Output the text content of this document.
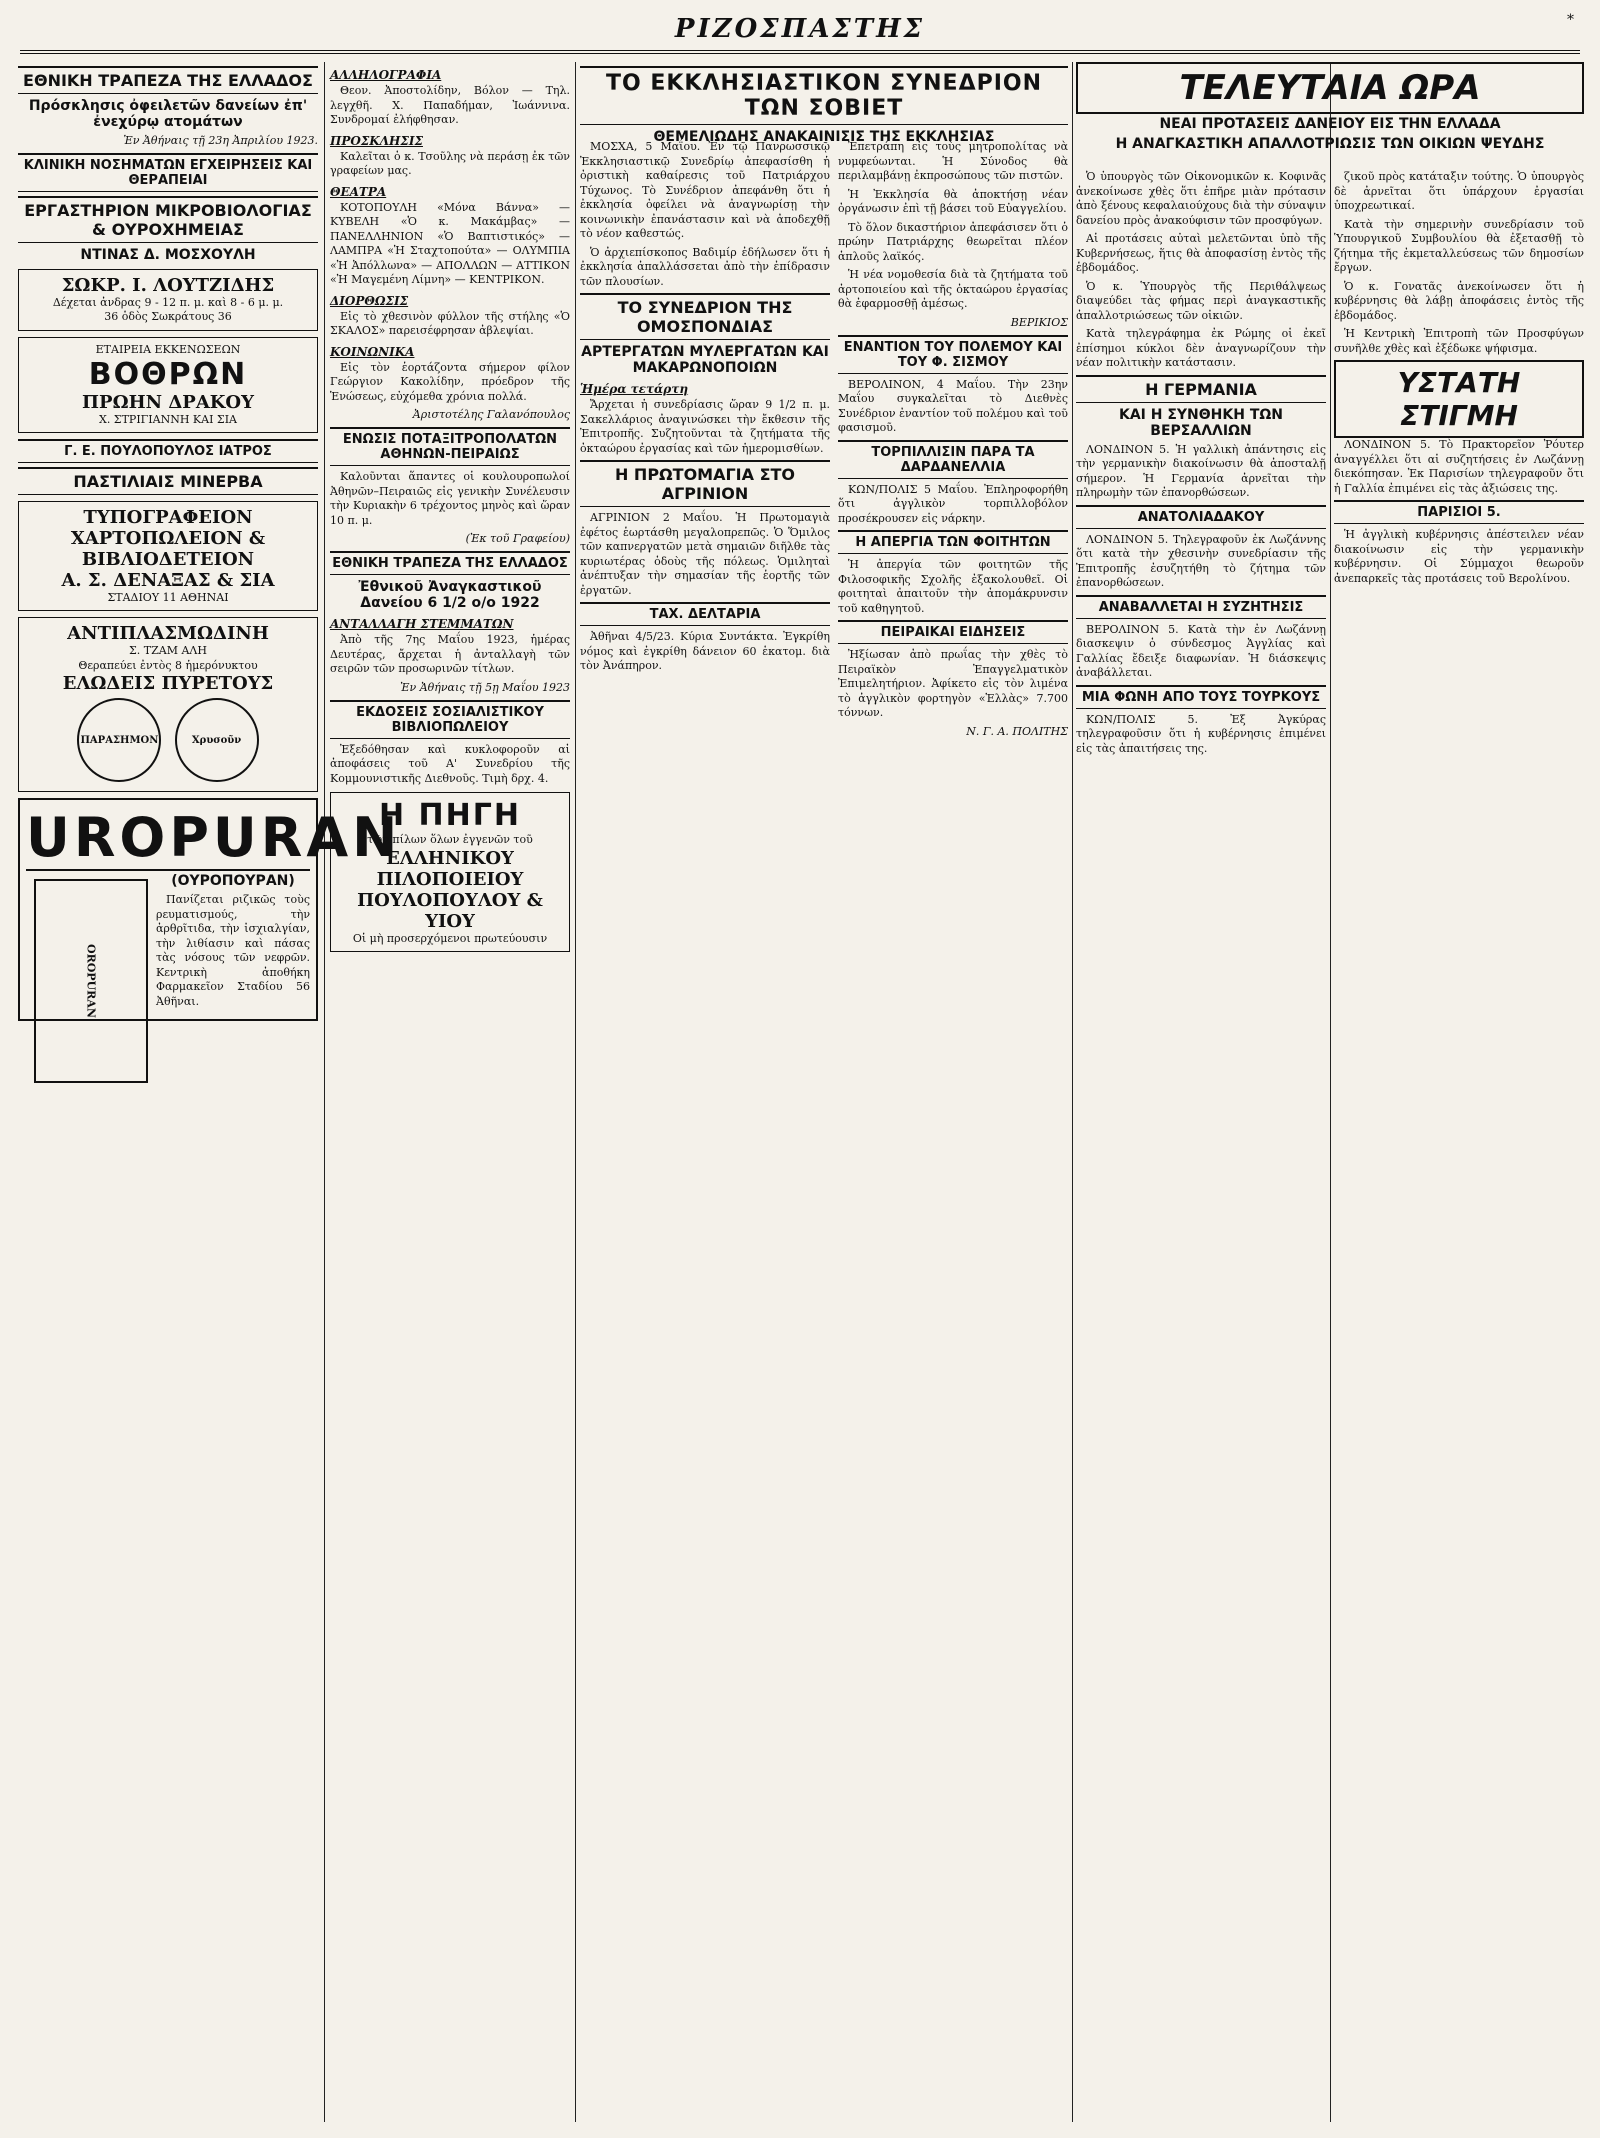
ΡΙΖΟΣΠΑΣΤΗΣ	*
ΕΘΝΙΚΗ ΤΡΑΠΕΖΑ ΤΗΣ ΕΛΛΑΔΟΣ
Πρόσκλησις ὀφειλετῶν δανείων ἐπ' ἐνεχύρῳ ατομάτων
Ἐν Ἀθήναις τῇ 23η Ἀπριλίου 1923.
ΚΛΙΝΙΚΗ ΝΟΣΗΜΑΤΩΝ ΕΓΧΕΙΡΗΣΕΙΣ ΚΑΙ ΘΕΡΑΠΕΙΑΙ
ΕΡΓΑΣΤΗΡΙΟΝ ΜΙΚΡΟΒΙΟΛΟΓΙΑΣ & ΟΥΡΟΧΗΜΕΙΑΣ
ΝΤΙΝΑΣ Δ. ΜΟΣΧΟΥΛΗ
ΣΩΚΡ. Ι. ΛΟΥΤΖΙΔΗΣ
Δέχεται ἀνδρας 9 - 12 π. μ. καὶ 8 - 6 μ. μ.
36 ὁδὸς Σωκράτους 36
ΕΤΑΙΡΕΙΑ ΕΚΚΕΝΩΣΕΩΝ
ΒΟΘΡΩΝ
ΠΡΩΗΝ ΔΡΑΚΟΥ
Χ. ΣΤΡΙΓΙΑΝΝΗ ΚΑΙ ΣΙΑ
Γ. Ε. ΠΟΥΛΟΠΟΥΛΟΣ ΙΑΤΡΟΣ
ΠΑΣΤΙΛΙΑΙΣ ΜΙΝΕΡΒΑ
ΤΥΠΟΓΡΑΦΕΙΟΝ ΧΑΡΤΟΠΩΛΕΙΟΝ & ΒΙΒΛΙΟΔΕΤΕΙΟΝ
Α. Σ. ΔΕΝΑΞΑΣ & ΣΙΑ
ΣΤΑΔΙΟΥ 11 ΑΘΗΝΑΙ
ΑΝΤΙΠΛΑΣΜΩΔΙΝΗ
Σ. ΤΖΑΜ ΑΛΗ
Θεραπεύει ἐντὸς 8 ἡμερόνυκτου
ΕΛΩΔΕΙΣ ΠΥΡΕΤΟΥΣ
ΠΑΡΑΣΗΜΟΝ	Χρυσοῦν
UROPURAN
OROPURAN
(ΟΥΡΟΠΟΥΡΑΝ)
Πανίζεται ριζικῶς τοὺς ρευματισμούς, τὴν ἀρθρῖτιδα, τὴν ἰσχιαλγίαν, τὴν λιθίασιν καὶ πάσας τὰς νόσους τῶν νεφρῶν. Κεντρικὴ ἀποθήκη Φαρμακεῖον Σταδίου 56 Ἀθῆναι.
ΑΛΛΗΛΟΓΡΑΦΙΑ
Θεον. Ἀποστολίδην, Βόλον — Τηλ. λεγχθῆ. Χ. Παπαδήμαν, Ἰωάννινα. Συνδρομαί ἐλήφθησαν.
ΠΡΟΣΚΛΗΣΙΣ
Καλεῖται ὁ κ. Τσοῦλης νὰ περάσῃ ἐκ τῶν γραφείων μας.
ΘΕΑΤΡΑ
ΚΟΤΟΠΟΥΛΗ «Μόνα Βάννα» — ΚΥΒΕΛΗ «Ὁ κ. Μακάμβας» — ΠΑΝΕΛΛΗΝΙΟΝ «Ὁ Βαπτιστικός» — ΛΑΜΠΡΑ «Ἡ Σταχτοπούτα» — ΟΛΥΜΠΙΑ «Ἡ Ἀπόλλωνα» — ΑΠΟΛΛΩΝ — ΑΤΤΙΚΟΝ «Ἡ Μαγεμένη Λίμνη» — ΚΕΝΤΡΙΚΟΝ.
ΔΙΟΡΘΩΣΙΣ
Εἰς τὸ χθεσινὸν φύλλον τῆς στήλης «Ὁ ΣΚΑΛΟΣ» παρεισέφρησαν ἀβλεψίαι.
ΚΟΙΝΩΝΙΚΑ
Εἰς τὸν ἑορτάζοντα σήμερον φίλον Γεώργιον Κακολίδην, πρόεδρον τῆς Ἑνώσεως, εὐχόμεθα χρόνια πολλά.
Ἀριστοτέλης Γαλανόπουλος
ΕΝΩΣΙΣ ΠΟΤΑΞΙΤΡΟΠΟΛΑΤΩΝ ΑΘΗΝΩΝ-ΠΕΙΡΑΙΩΣ
Καλοῦνται ἅπαντες οἱ κουλουροπωλοί Ἀθηνῶν–Πειραιῶς εἰς γενικὴν Συνέλευσιν τὴν Κυριακὴν 6 τρέχοντος μηνὸς καὶ ὥραν 10 π. μ.
(Ἐκ τοῦ Γραφείου)
ΕΘΝΙΚΗ ΤΡΑΠΕΖΑ ΤΗΣ ΕΛΛΑΔΟΣ
Ἐθνικοῦ Ἀναγκαστικοῦ Δανείου 6 1/2 ο/ο 1922
ΑΝΤΑΛΛΑΓΗ ΣΤΕΜΜΑΤΩΝ
Ἀπὸ τῆς 7ης Μαΐου 1923, ἡμέρας Δευτέρας, ἄρχεται ἡ ἀνταλλαγὴ τῶν σειρῶν τῶν προσωρινῶν τίτλων.
Ἐν Ἀθήναις τῇ 5ῃ Μαΐου 1923
ΕΚΔΟΣΕΙΣ ΣΟΣΙΑΛΙΣΤΙΚΟΥ ΒΙΒΛΙΟΠΩΛΕΙΟΥ
Ἐξεδόθησαν καὶ κυκλοφοροῦν αἱ ἀποφάσεις τοῦ Α' Συνεδρίου τῆς Κομμουνιστικῆς Διεθνοῦς. Τιμὴ δρχ. 4.
Η ΠΗΓΗ
τῶν πίλων ὅλων ἐγγενῶν τοῦ
ΕΛΛΗΝΙΚΟΥ ΠΙΛΟΠΟΙΕΙΟΥ
ΠΟΥΛΟΠΟΥΛΟΥ & ΥΙΟΥ
Οἱ μὴ προσερχόμενοι πρωτεύουσιν
ΤΟ ΕΚΚΛΗΣΙΑΣΤΙΚΟΝ ΣΥΝΕΔΡΙΟΝ ΤΩΝ ΣΟΒΙΕΤ
ΘΕΜΕΛΙΩΔΗΣ ΑΝΑΚΑΙΝΙΣΙΣ ΤΗΣ ΕΚΚΛΗΣΙΑΣ
ΜΟΣΧΑ, 5 Μαΐου. Ἐν τῷ Πανρωσσικῷ Ἐκκλησιαστικῷ Συνεδρίῳ ἀπεφασίσθη ἡ ὀριστικὴ καθαίρεσις τοῦ Πατριάρχου Τύχωνος. Τὸ Συνέδριον ἀπεφάνθη ὅτι ἡ ἐκκλησία ὀφείλει νὰ ἀναγνωρίσῃ τὴν κοινωνικὴν ἐπανάστασιν καὶ νὰ ἀποδεχθῇ τὸ νέον καθεστώς.
Ὁ ἀρχιεπίσκοπος Βαδιμίρ ἐδήλωσεν ὅτι ἡ ἐκκλησία ἀπαλλάσσεται ἀπὸ τὴν ἐπίδρασιν τῶν πλουσίων.
ΤΟ ΣΥΝΕΔΡΙΟΝ ΤΗΣ ΟΜΟΣΠΟΝΔΙΑΣ
ΑΡΤΕΡΓΑΤΩΝ ΜΥΛΕΡΓΑΤΩΝ ΚΑΙ ΜΑΚΑΡΩΝΟΠΟΙΩΝ
Ἡμέρα τετάρτη
Ἄρχεται ἡ συνεδρίασις ὥραν 9 1/2 π. μ. Σακελλάριος ἀναγινώσκει τὴν ἔκθεσιν τῆς Ἐπιτροπῆς. Συζητοῦνται τὰ ζητήματα τῆς ὀκταώρου ἐργασίας καὶ τῶν ἡμερομισθίων.
Η ΠΡΩΤΟΜΑΓΙΑ ΣΤΟ ΑΓΡΙΝΙΟΝ
ΑΓΡΙΝΙΟΝ 2 Μαΐου. Ἡ Πρωτομαγιὰ ἐφέτος ἑωρτάσθη μεγαλοπρεπῶς. Ὁ Ὅμιλος τῶν καπνεργατῶν μετὰ σημαιῶν διῆλθε τὰς κυριωτέρας ὁδοὺς τῆς πόλεως. Ὁμιληταὶ ἀνέπτυξαν τὴν σημασίαν τῆς ἑορτῆς τῶν ἐργατῶν.
ΤΑΧ. ΔΕΛΤΑΡΙΑ
Ἀθῆναι 4/5/23. Κύρια Συντάκτα. Ἐγκρίθη νόμος καὶ ἐγκρίθη δάνειον 60 ἑκατομ. διὰ τὸν Ἀνάπηρον.
Ἐπετράπη εἰς τοὺς μητροπολίτας νὰ νυμφεύωνται. Ἡ Σύνοδος θὰ περιλαμβάνῃ ἐκπροσώπους τῶν πιστῶν.
Ἡ Ἐκκλησία θὰ ἀποκτήσῃ νέαν ὀργάνωσιν ἐπὶ τῇ βάσει τοῦ Εὐαγγελίου.
Τὸ ὅλον δικαστήριον ἀπεφάσισεν ὅτι ὁ πρώην Πατριάρχης θεωρεῖται πλέον ἁπλοῦς λαϊκός.
Ἡ νέα νομοθεσία διὰ τὰ ζητήματα τοῦ ἀρτοποιείου καὶ τῆς ὀκταώρου ἐργασίας θὰ ἐφαρμοσθῇ ἀμέσως.
ΒΕΡΙΚΙΟΣ
ΕΝΑΝΤΙΟΝ ΤΟΥ ΠΟΛΕΜΟΥ ΚΑΙ ΤΟΥ Φ. ΣΙΣΜΟΥ
ΒΕΡΟΛΙΝΟΝ, 4 Μαΐου. Τὴν 23ην Μαΐου συγκαλεῖται τὸ Διεθνὲς Συνέδριον ἐναντίον τοῦ πολέμου καὶ τοῦ φασισμοῦ.
ΤΟΡΠΙΛΛΙΣΙΝ ΠΑΡΑ ΤΑ ΔΑΡΔΑΝΕΛΛΙΑ
ΚΩΝ/ΠΟΛΙΣ 5 Μαΐου. Ἐπληροφορήθη ὅτι ἀγγλικὸν τορπιλλοβόλον προσέκρουσεν εἰς νάρκην.
Η ΑΠΕΡΓΙΑ ΤΩΝ ΦΟΙΤΗΤΩΝ
Ἡ ἀπεργία τῶν φοιτητῶν τῆς Φιλοσοφικῆς Σχολῆς ἐξακολουθεῖ. Οἱ φοιτηταὶ ἀπαιτοῦν τὴν ἀπομάκρυνσιν τοῦ καθηγητοῦ.
ΠΕΙΡΑΙΚΑΙ ΕΙΔΗΣΕΙΣ
Ἠξίωσαν ἀπὸ πρωΐας τὴν χθὲς τὸ Πειραϊκὸν Ἐπαγγελματικὸν Ἐπιμελητήριον. Ἀφίκετο εἰς τὸν λιμένα τὸ ἀγγλικὸν φορτηγὸν «Ἑλλὰς» 7.700 τόννων.
Ν. Γ. Α. ΠΟΛΙΤΗΣ
ΤΕΛΕΥΤΑΙΑ ΩΡΑ
ΝΕΑΙ ΠΡΟΤΑΣΕΙΣ ΔΑΝΕΙΟΥ ΕΙΣ ΤΗΝ ΕΛΛΑΔΑ
Η ΑΝΑΓΚΑΣΤΙΚΗ ΑΠΑΛΛΟΤΡΙΩΣΙΣ ΤΩΝ ΟΙΚΙΩΝ ΨΕΥΔΗΣ
Ὁ ὑπουργὸς τῶν Οἰκονομικῶν κ. Κοφινᾶς ἀνεκοίνωσε χθὲς ὅτι ἐπῆρε μιὰν πρότασιν ἀπὸ ξένους κεφαλαιούχους διὰ τὴν σύναψιν δανείου πρὸς ἀνακούφισιν τῶν προσφύγων.
Αἱ προτάσεις αὐταὶ μελετῶνται ὑπὸ τῆς Κυβερνήσεως, ἥτις θὰ ἀποφασίσῃ ἐντὸς τῆς ἑβδομάδος.
Ὁ κ. Ὑπουργὸς τῆς Περιθάλψεως διαψεύδει τὰς φήμας περὶ ἀναγκαστικῆς ἀπαλλοτριώσεως τῶν οἰκιῶν.
Κατὰ τηλεγράφημα ἐκ Ρώμης οἱ ἐκεῖ ἐπίσημοι κύκλοι δὲν ἀναγνωρίζουν τὴν νέαν πολιτικὴν κατάστασιν.
Η ΓΕΡΜΑΝΙΑ
ΚΑΙ Η ΣΥΝΘΗΚΗ ΤΩΝ ΒΕΡΣΑΛΛΙΩΝ
ΛΟΝΔΙΝΟΝ 5. Ἡ γαλλικὴ ἀπάντησις εἰς τὴν γερμανικὴν διακοίνωσιν θὰ ἀποσταλῇ σήμερον. Ἡ Γερμανία ἀρνεῖται τὴν πληρωμὴν τῶν ἐπανορθώσεων.
ΑΝΑΤΟΛΙΑΔΑΚΟΥ
ΛΟΝΔΙΝΟΝ 5. Τηλεγραφοῦν ἐκ Λωζάννης ὅτι κατὰ τὴν χθεσινὴν συνεδρίασιν τῆς Ἐπιτροπῆς ἐσυζητήθη τὸ ζήτημα τῶν ἐπανορθώσεων.
ΑΝΑΒΑΛΛΕΤΑΙ Η ΣΥΖΗΤΗΣΙΣ
ΒΕΡΟΛΙΝΟΝ 5. Κατὰ τὴν ἐν Λωζάννῃ διασκεψιν ὁ σύνδεσμος Ἀγγλίας καὶ Γαλλίας ἔδειξε διαφωνίαν. Ἡ διάσκεψις ἀναβάλλεται.
ΜΙΑ ΦΩΝΗ ΑΠΟ ΤΟΥΣ ΤΟΥΡΚΟΥΣ
ΚΩΝ/ΠΟΛΙΣ 5. Ἐξ Ἀγκύρας τηλεγραφοῦσιν ὅτι ἡ κυβέρνησις ἐπιμένει εἰς τὰς ἀπαιτήσεις της.
ζικοῦ πρὸς κατάταξιν τούτης. Ὁ ὑπουργὸς δὲ ἀρνεῖται ὅτι ὑπάρχουν ἐργασίαι ὑποχρεωτικαί.
Κατὰ τὴν σημερινὴν συνεδρίασιν τοῦ Ὑπουργικοῦ Συμβουλίου θὰ ἐξετασθῇ τὸ ζήτημα τῆς ἐκμεταλλεύσεως τῶν δημοσίων ἔργων.
Ὁ κ. Γονατᾶς ἀνεκοίνωσεν ὅτι ἡ κυβέρνησις θὰ λάβῃ ἀποφάσεις ἐντὸς τῆς ἑβδομάδος.
Ἡ Κεντρικὴ Ἐπιτροπὴ τῶν Προσφύγων συνῆλθε χθὲς καὶ ἐξέδωκε ψήφισμα.
ΥΣΤΑΤΗ ΣΤΙΓΜΗ
ΛΟΝΔΙΝΟΝ 5. Τὸ Πρακτορεῖον Ῥόυτερ ἀναγγέλλει ὅτι αἱ συζητήσεις ἐν Λωζάννῃ διεκόπησαν. Ἐκ Παρισίων τηλεγραφοῦν ὅτι ἡ Γαλλία ἐπιμένει εἰς τὰς ἀξιώσεις της.
ΠΑΡΙΣΙΟΙ 5.
Ἡ ἀγγλικὴ κυβέρνησις ἀπέστειλεν νέαν διακοίνωσιν εἰς τὴν γερμανικὴν κυβέρνησιν. Οἱ Σύμμαχοι θεωροῦν ἀνεπαρκεῖς τὰς προτάσεις τοῦ Βερολίνου.
